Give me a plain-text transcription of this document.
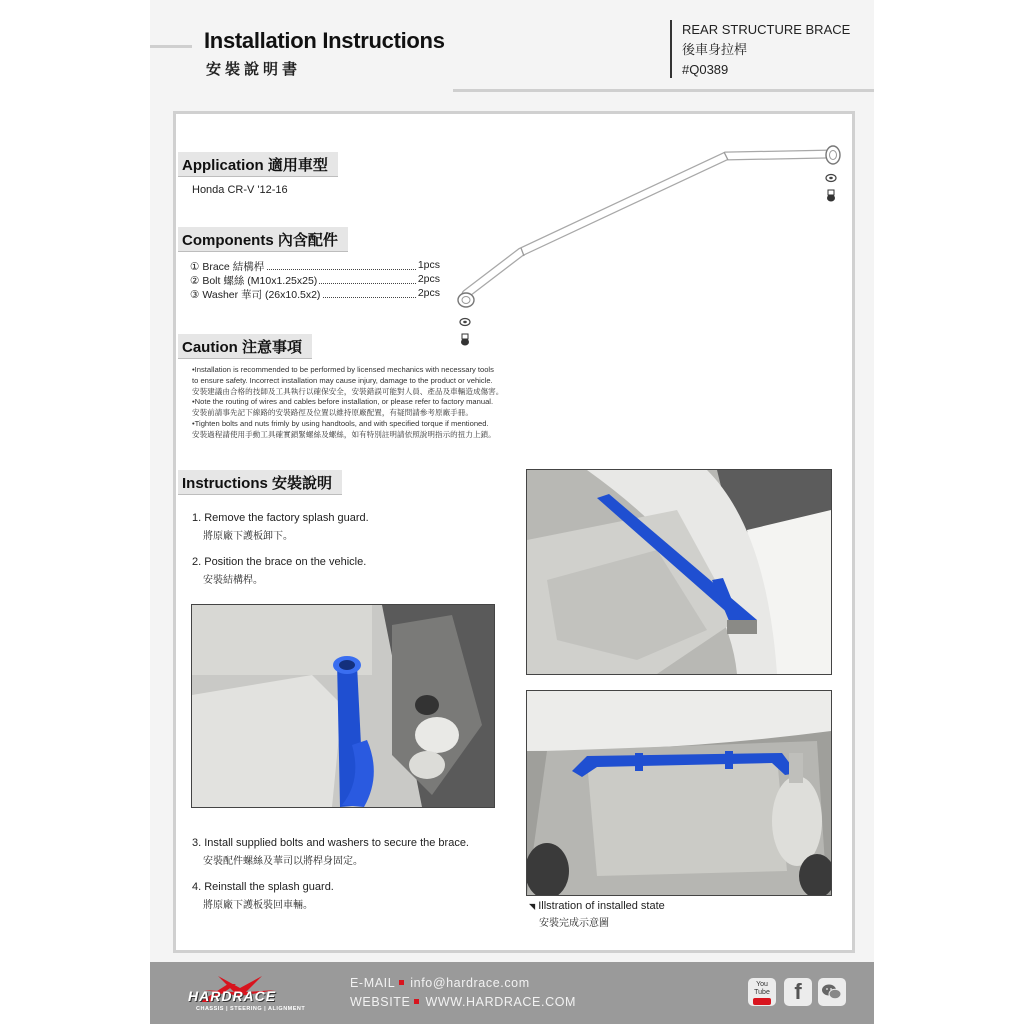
Installation Instructions
安裝說明書
REAR STRUCTURE BRACE
後車身拉桿
#Q0389
Application 適用車型
Honda CR-V '12-16
Components 內含配件
① Brace 結構桿	1pcs
② Bolt 螺絲 (M10x1.25x25)	2pcs
③ Washer 華司 (26x10.5x2)	2pcs
Caution 注意事項

•Installation is recommended to be performed by licensed mechanics with necessary tools

to ensure safety. Incorrect installation may cause injury, damage to the product or vehicle.

安裝建議由合格的技師及工具執行以確保安全，安裝錯誤可能對人員、產品及車輛造成傷害。

•Note the routing of wires and cables before installation, or please refer to factory manual.

安裝前請事先記下線路的安裝路徑及位置以維持原廠配置，有疑問請參考原廠手冊。

•Tighten bolts and nuts frimly by using handtools, and with specified torque if mentioned.

安裝過程請使用手動工具確實鎖緊螺絲及螺絲，如有特別註明請依照說明指示的扭力上鎖。

Instructions 安裝說明
1. Remove the factory splash guard.
將原廠下護板卸下。
2. Position the brace on the vehicle.
安裝結構桿。
3. Install supplied bolts and washers to secure the brace.
安裝配件螺絲及華司以將桿身固定。
4. Reinstall the splash guard.
將原廠下護板裝回車輛。	◥ Illstration of installed state
安裝完成示意圖
HARDRACE
CHASSIS | STEERING | ALIGNMENT
E-MAIL info@hardrace.com
WEBSITE WWW.HARDRACE.COM
You Tube	f
